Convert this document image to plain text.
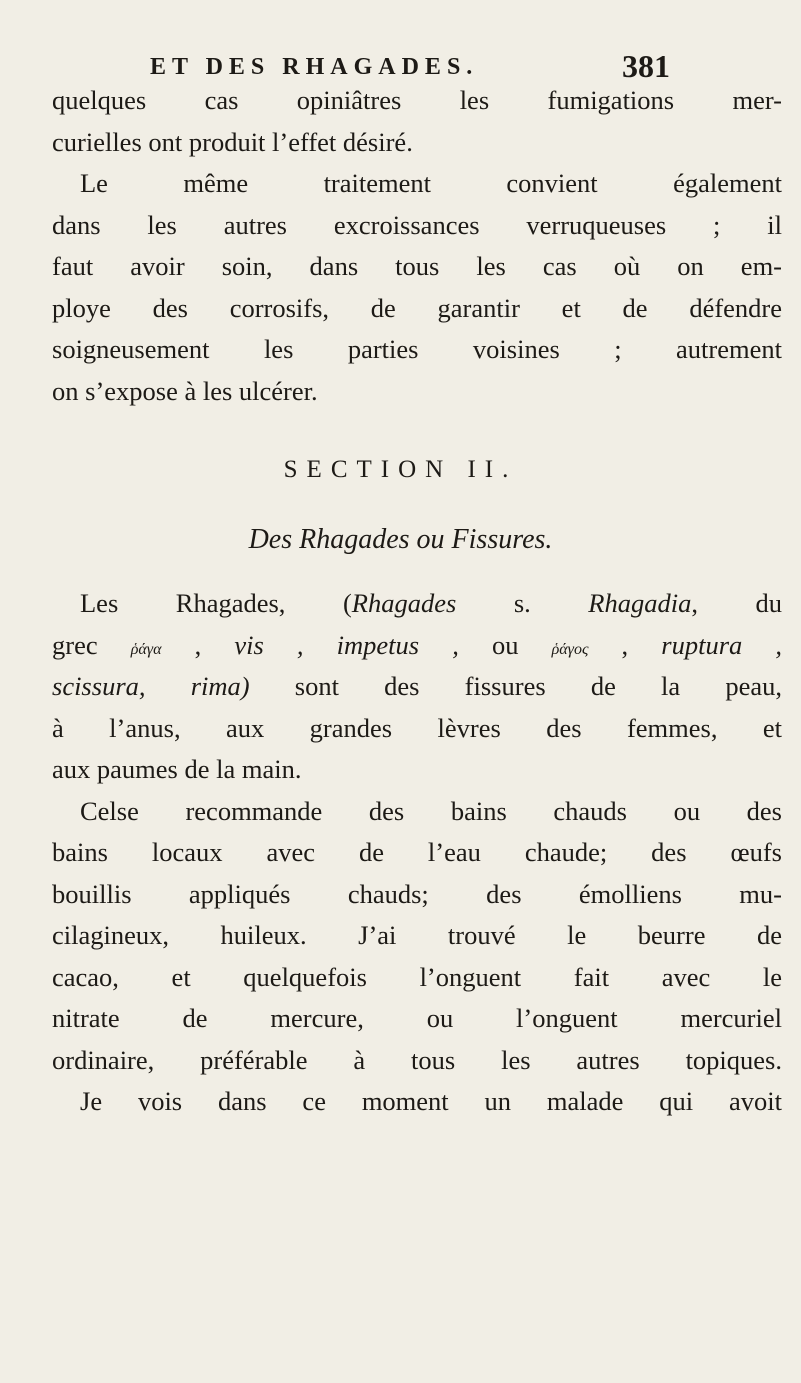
ET DES RHAGADES.	381
quelques cas opiniâtres les fumigations mer-
curielles ont produit l’effet désiré.
Le même traitement convient également
dans les autres excroissances verruqueuses ; il
faut avoir soin, dans tous les cas où on em-
ploye des corrosifs, de garantir et de défendre
soigneusement les parties voisines ; autrement
on s’expose à les ulcérer.
SECTION II.
Des Rhagades ou Fissures.
Les Rhagades, (Rhagades s. Rhagadia, du
grec ῥάγα , vis , impetus , ou ῥάγος , ruptura ,
scissura, rima) sont des fissures de la peau,
à l’anus, aux grandes lèvres des femmes, et
aux paumes de la main.
Celse recommande des bains chauds ou des
bains locaux avec de l’eau chaude; des œufs
bouillis appliqués chauds; des émolliens mu-
cilagineux, huileux. J’ai trouvé le beurre de
cacao, et quelquefois l’onguent fait avec le
nitrate de mercure, ou l’onguent mercuriel
ordinaire, préférable à tous les autres topiques.
Je vois dans ce moment un malade qui avoit
